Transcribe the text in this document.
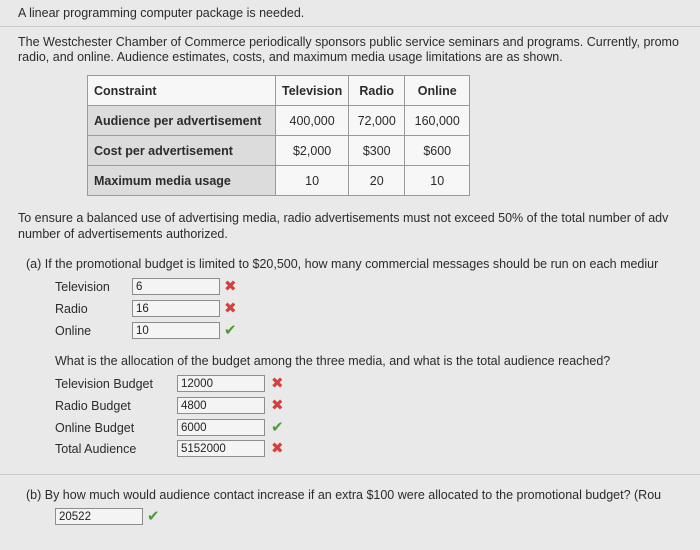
A linear programming computer package is needed.
The Westchester Chamber of Commerce periodically sponsors public service seminars and programs. Currently, promo
radio, and online. Audience estimates, costs, and maximum media usage limitations are as shown.
Constraint	Television	Radio	Online
Audience per advertisement	400,000	72,000	160,000
Cost per advertisement	$2,000	$300	$600
Maximum media usage	10	20	10
To ensure a balanced use of advertising media, radio advertisements must not exceed 50% of the total number of adv
number of advertisements authorized.
(a) If the promotional budget is limited to $20,500, how many commercial messages should be run on each mediur
Television	6	✖
Radio	16	✖
Online	10	✔
What is the allocation of the budget among the three media, and what is the total audience reached?
Television Budget	12000	✖
Radio Budget	4800	✖
Online Budget	6000	✔
Total Audience	5152000	✖
(b) By how much would audience contact increase if an extra $100 were allocated to the promotional budget? (Rou
20522	✔
